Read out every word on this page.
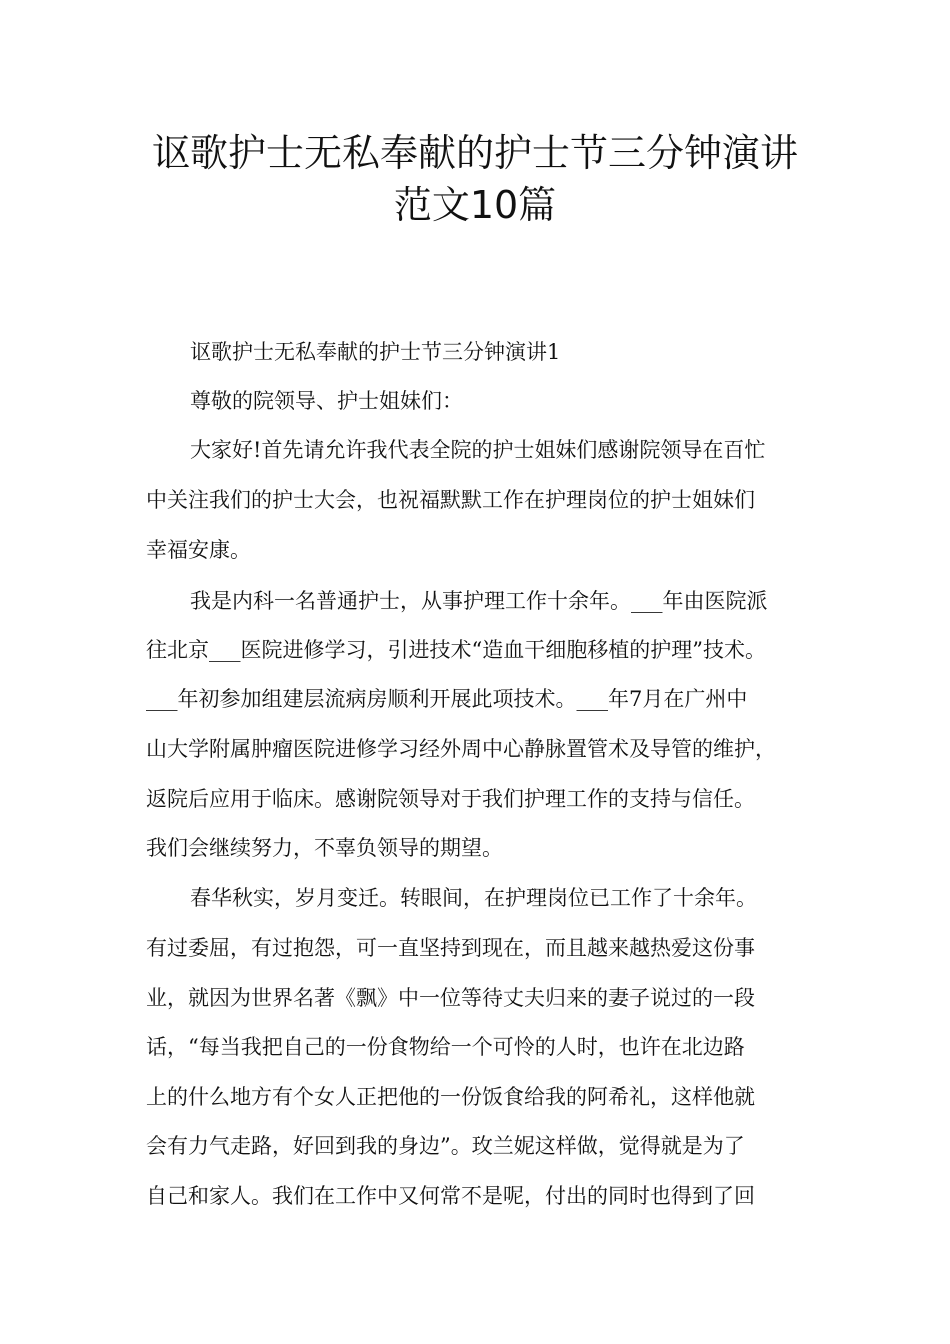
讴歌护士无私奉献的护士节三分钟演讲
范文10篇
讴歌护士无私奉献的护士节三分钟演讲1
尊敬的院领导、护士姐妹们：
大家好!首先请允许我代表全院的护士姐妹们感谢院领导在百忙
中关注我们的护士大会，也祝福默默工作在护理岗位的护士姐妹们
幸福安康。
我是内科一名普通护士，从事护理工作十余年。___年由医院派
往北京___医院进修学习，引进技术“造血干细胞移植的护理”技术。
___年初参加组建层流病房顺利开展此项技术。___年7月在广州中
山大学附属肿瘤医院进修学习经外周中心静脉置管术及导管的维护，
返院后应用于临床。感谢院领导对于我们护理工作的支持与信任。
我们会继续努力，不辜负领导的期望。
春华秋实，岁月变迁。转眼间，在护理岗位已工作了十余年。
有过委屈，有过抱怨，可一直坚持到现在，而且越来越热爱这份事
业，就因为世界名著《飘》中一位等待丈夫归来的妻子说过的一段
话，“每当我把自己的一份食物给一个可怜的人时，也许在北边路
上的什么地方有个女人正把他的一份饭食给我的阿希礼，这样他就
会有力气走路，好回到我的身边”。玫兰妮这样做，觉得就是为了
自己和家人。我们在工作中又何常不是呢，付出的同时也得到了回
